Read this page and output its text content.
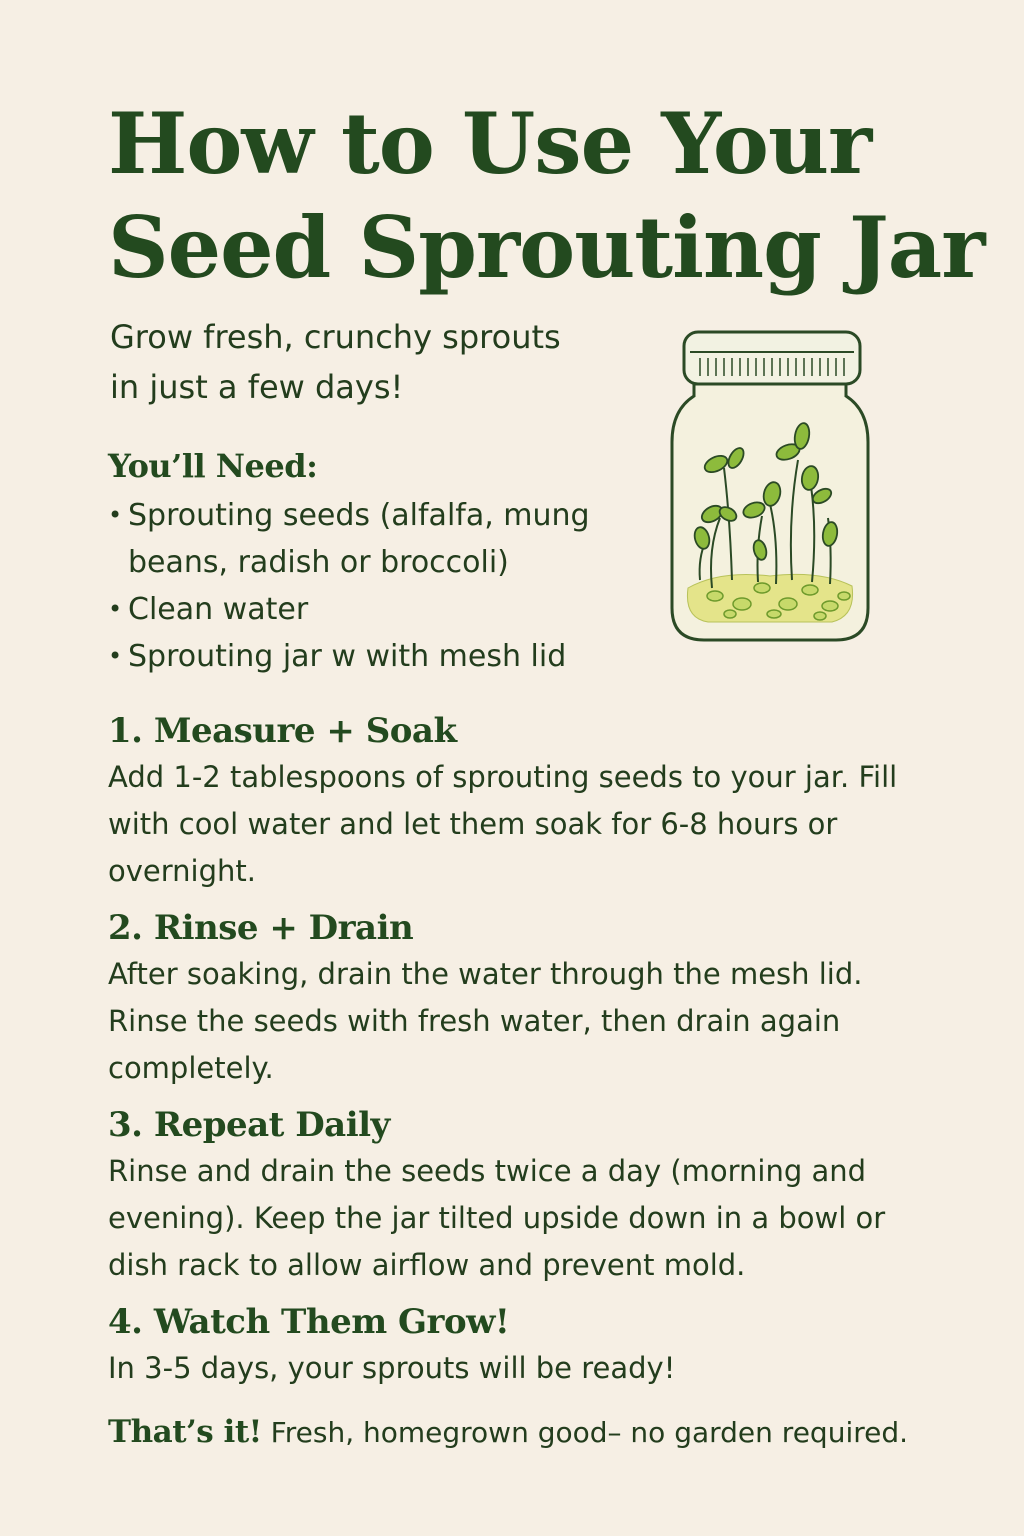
How to Use Your
Seed Sprouting Jar

Grow fresh, crunchy sprouts
in just a few days!

You’ll Need:
• Sprouting seeds (alfalfa, mung beans, radish or broccoli)
• Clean water
• Sprouting jar w with mesh lid
1. Measure + Soak

Add 1-2 tablespoons of sprouting seeds to your jar. Fill with cool water and let them soak for 6-8 hours or overnight.

2. Rinse + Drain

After soaking, drain the water through the mesh lid. Rinse the seeds with fresh water, then drain again completely.

3. Repeat Daily

Rinse and drain the seeds twice a day (morning and evening). Keep the jar tilted upside down in a bowl or dish rack to allow airflow and prevent mold.

4. Watch Them Grow!

In 3-5 days, your sprouts will be ready!

That’s it! Fresh, homegrown good– no garden required.
